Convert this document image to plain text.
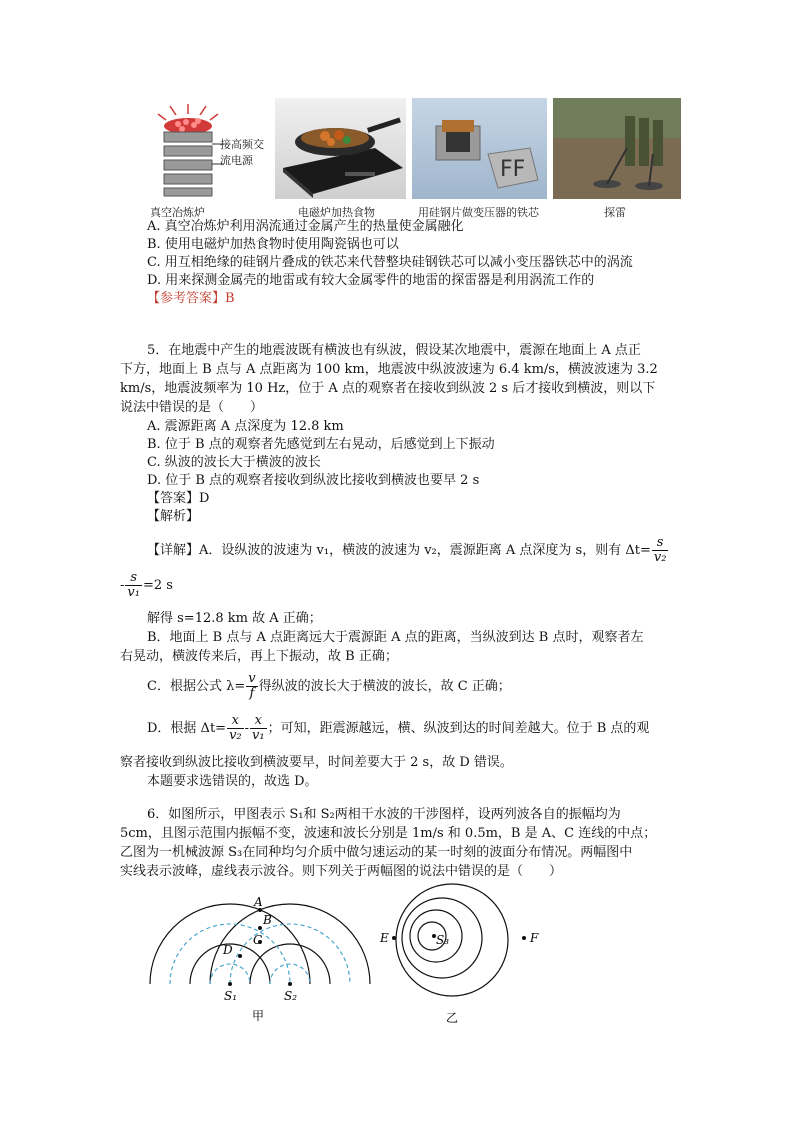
接高频交
流电源	FF
真空冶炼炉	电磁炉加热食物	用硅钢片做变压器的铁芯	探雷
A. 真空冶炼炉利用涡流通过金属产生的热量使金属融化
B. 使用电磁炉加热食物时使用陶瓷锅也可以
C. 用互相绝缘的硅钢片叠成的铁芯来代替整块硅钢铁芯可以减小变压器铁芯中的涡流
D. 用来探测金属壳的地雷或有较大金属零件的地雷的探雷器是利用涡流工作的
【参考答案】B
5．在地震中产生的地震波既有横波也有纵波，假设某次地震中，震源在地面上 A 点正
下方，地面上 B 点与 A 点距离为 100 km，地震波中纵波波速为 6.4 km/s，横波波速为 3.2
km/s，地震波频率为 10 Hz，位于 A 点的观察者在接收到纵波 2 s 后才接收到横波，则以下
说法中错误的是（　　）
A. 震源距离 A 点深度为 12.8 km
B. 位于 B 点的观察者先感觉到左右晃动，后感觉到上下振动
C. 纵波的波长大于横波的波长
D. 位于 B 点的观察者接收到纵波比接收到横波也要早 2 s
【答案】D
【解析】
【详解】A．设纵波的波速为 v₁，横波的波速为 v₂，震源距离 A 点深度为 s，则有 $\Delta t= \frac{s}{\text{v₂}}$
- $\frac{s}{\text{v₁}} =2$ s
解得 s=12.8 km 故 A 正确；
B．地面上 B 点与 A 点距离远大于震源距 A 点的距离，当纵波到达 B 点时，观察者左
右晃动，横波传来后，再上下振动，故 B 正确；
C．根据公式 $\lambda= \frac{v}{f}$ 得纵波的波长大于横波的波长，故 C 正确；
D．根据 $\Delta t= \frac{x}{\text{v₂}} - \frac{x}{\text{v₁}}$ ；可知，距震源越远，横、纵波到达的时间差越大。位于 B 点的观
察者接收到纵波比接收到横波要早，时间差要大于 2 s，故 D 错误。
本题要求选错误的，故选 D。
6．如图所示，甲图表示 S₁和 S₂两相干水波的干涉图样，设两列波各自的振幅均为
5cm，且图示范围内振幅不变，波速和波长分别是 1m/s 和 0.5m，B 是 A、C 连线的中点；
乙图为一机械波源 S₃在同种均匀介质中做匀速运动的某一时刻的波面分布情况。两幅图中
实线表示波峰，虚线表示波谷。则下列关于两幅图的说法中错误的是（　　）
A
B
C
D
S₁	S₂
甲
S₃
E	F
乙
